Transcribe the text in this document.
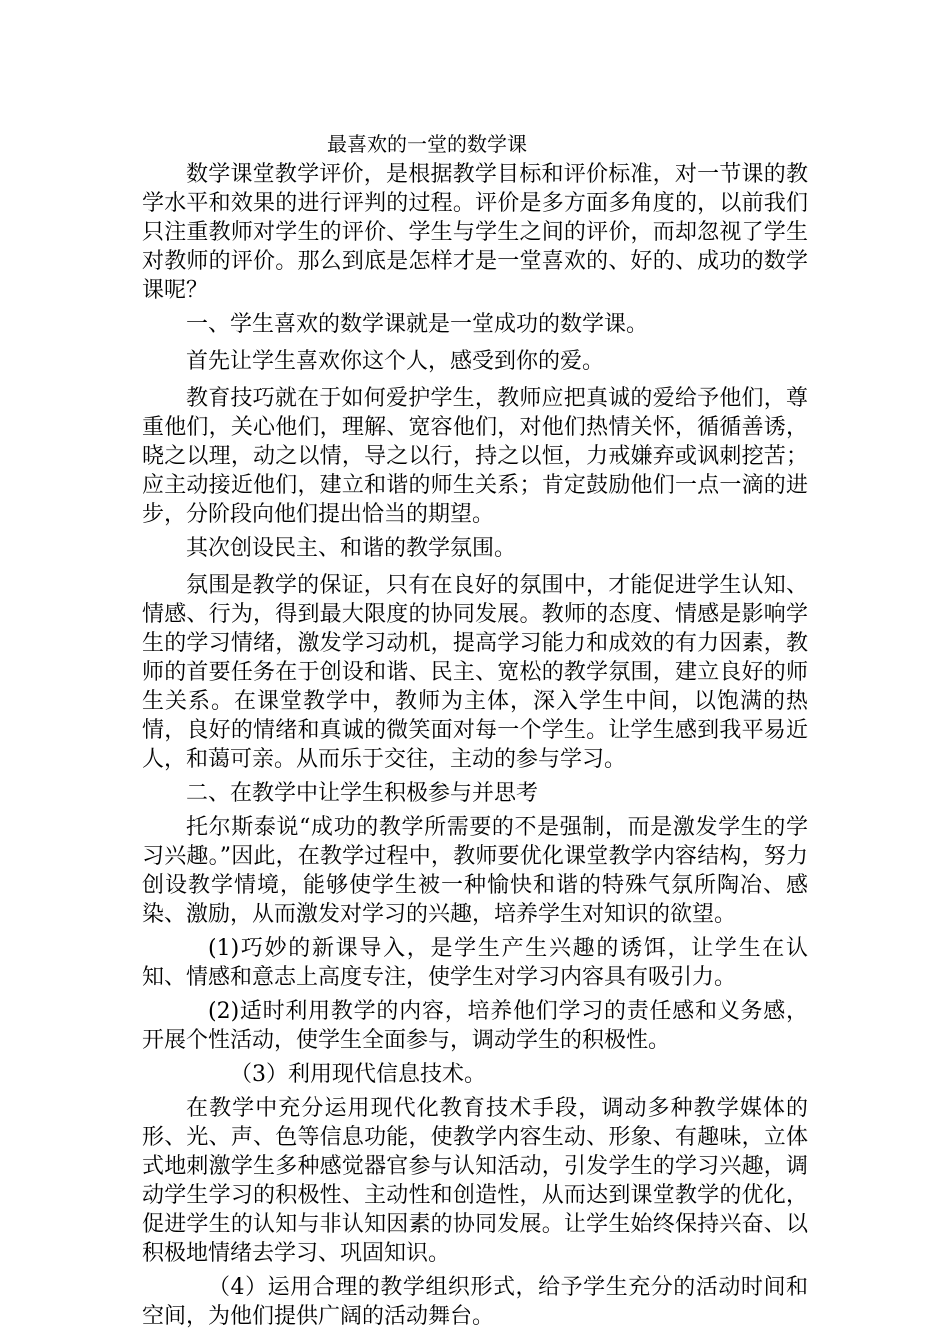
最喜欢的一堂的数学课

数学课堂教学评价，是根据教学目标和评价标准，对一节课的教学水平和效果的进行评判的过程。评价是多方面多角度的，以前我们只注重教师对学生的评价、学生与学生之间的评价，而却忽视了学生对教师的评价。那么到底是怎样才是一堂喜欢的、好的、成功的数学课呢？

一、学生喜欢的数学课就是一堂成功的数学课。

首先让学生喜欢你这个人，感受到你的爱。

教育技巧就在于如何爱护学生，教师应把真诚的爱给予他们，尊重他们，关心他们，理解、宽容他们，对他们热情关怀，循循善诱，晓之以理，动之以情，导之以行，持之以恒，力戒嫌弃或讽刺挖苦；应主动接近他们，建立和谐的师生关系；肯定鼓励他们一点一滴的进步，分阶段向他们提出恰当的期望。

其次创设民主、和谐的教学氛围。

氛围是教学的保证，只有在良好的氛围中，才能促进学生认知、情感、行为，得到最大限度的协同发展。教师的态度、情感是影响学生的学习情绪，激发学习动机，提高学习能力和成效的有力因素，教师的首要任务在于创设和谐、民主、宽松的教学氛围，建立良好的师生关系。在课堂教学中，教师为主体，深入学生中间，以饱满的热情，良好的情绪和真诚的微笑面对每一个学生。让学生感到我平易近人，和蔼可亲。从而乐于交往，主动的参与学习。

二、在教学中让学生积极参与并思考

托尔斯泰说“成功的教学所需要的不是强制，而是激发学生的学习兴趣。”因此，在教学过程中，教师要优化课堂教学内容结构，努力创设教学情境，能够使学生被一种愉快和谐的特殊气氛所陶冶、感染、激励，从而激发对学习的兴趣，培养学生对知识的欲望。

(1)巧妙的新课导入，是学生产生兴趣的诱饵，让学生在认知、情感和意志上高度专注，使学生对学习内容具有吸引力。

(2)适时利用教学的内容，培养他们学习的责任感和义务感，开展个性活动，使学生全面参与，调动学生的积极性。

（3）利用现代信息技术。

在教学中充分运用现代化教育技术手段，调动多种教学媒体的形、光、声、色等信息功能，使教学内容生动、形象、有趣味，立体式地刺激学生多种感觉器官参与认知活动，引发学生的学习兴趣，调动学生学习的积极性、主动性和创造性，从而达到课堂教学的优化，促进学生的认知与非认知因素的协同发展。让学生始终保持兴奋、以积极地情绪去学习、巩固知识。

（4）运用合理的教学组织形式，给予学生充分的活动时间和空间，为他们提供广阔的活动舞台。
